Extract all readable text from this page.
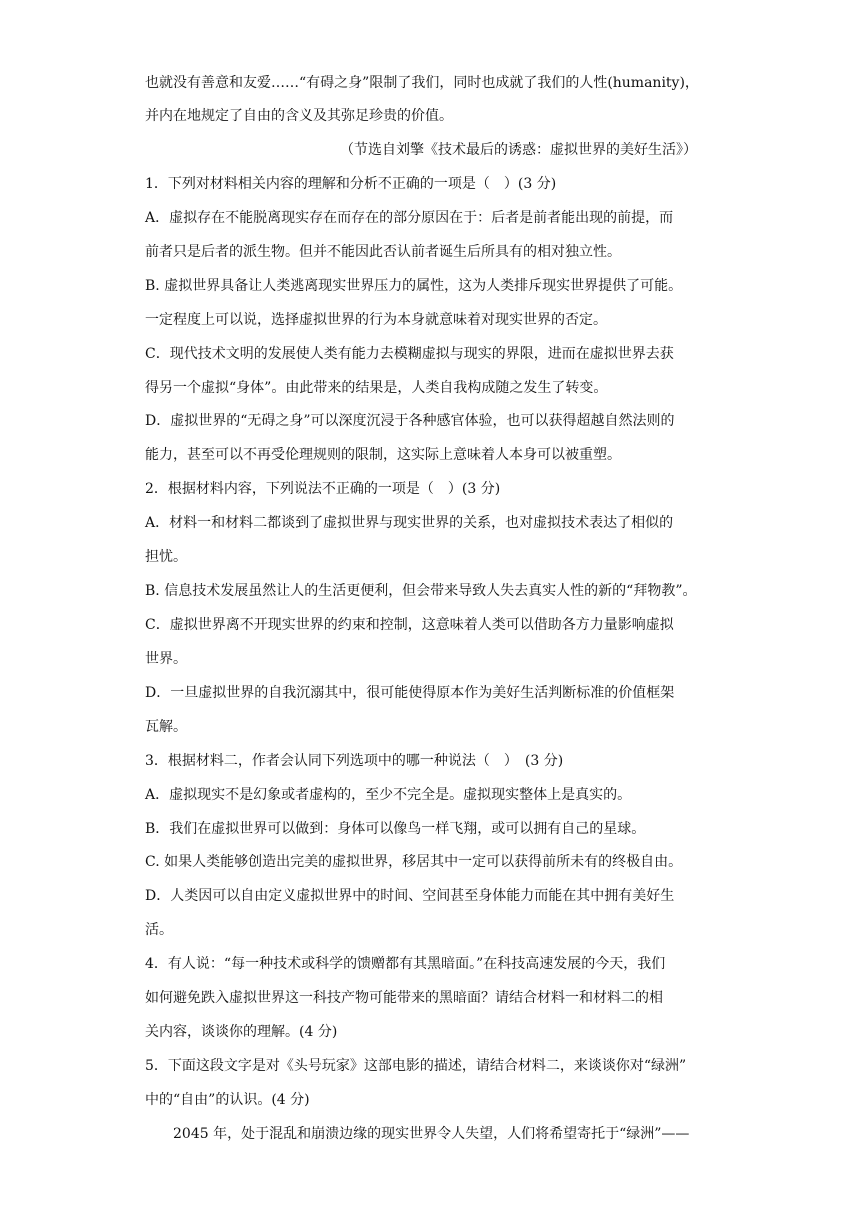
也就没有善意和友爱……“有碍之身”限制了我们，同时也成就了我们的人性(humanity)，
并内在地规定了自由的含义及其弥足珍贵的价值。
（节选自刘擎《技术最后的诱惑：虚拟世界的美好生活》）
1．下列对材料相关内容的理解和分析不正确的一项是（　）(3 分)
A．虚拟存在不能脱离现实存在而存在的部分原因在于：后者是前者能出现的前提，而
前者只是后者的派生物。但并不能因此否认前者诞生后所具有的相对独立性。
B. 虚拟世界具备让人类逃离现实世界压力的属性，这为人类排斥现实世界提供了可能。
一定程度上可以说，选择虚拟世界的行为本身就意味着对现实世界的否定。
C．现代技术文明的发展使人类有能力去模糊虚拟与现实的界限，进而在虚拟世界去获
得另一个虚拟“身体”。由此带来的结果是，人类自我构成随之发生了转变。
D．虚拟世界的“无碍之身”可以深度沉浸于各种感官体验，也可以获得超越自然法则的
能力，甚至可以不再受伦理规则的限制，这实际上意味着人本身可以被重塑。
2．根据材料内容，下列说法不正确的一项是（　）(3 分)
A．材料一和材料二都谈到了虚拟世界与现实世界的关系，也对虚拟技术表达了相似的
担忧。
B. 信息技术发展虽然让人的生活更便利，但会带来导致人失去真实人性的新的“拜物教”。
C．虚拟世界离不开现实世界的约束和控制，这意味着人类可以借助各方力量影响虚拟
世界。
D．一旦虚拟世界的自我沉溺其中，很可能使得原本作为美好生活判断标准的价值框架
瓦解。
3．根据材料二，作者会认同下列选项中的哪一种说法（　）　(3 分)
A．虚拟现实不是幻象或者虚构的，至少不完全是。虚拟现实整体上是真实的。
B．我们在虚拟世界可以做到：身体可以像鸟一样飞翔，或可以拥有自己的星球。
C. 如果人类能够创造出完美的虚拟世界，移居其中一定可以获得前所未有的终极自由。
D．人类因可以自由定义虚拟世界中的时间、空间甚至身体能力而能在其中拥有美好生
活。
4．有人说：“每一种技术或科学的馈赠都有其黑暗面。”在科技高速发展的今天，我们
如何避免跌入虚拟世界这一科技产物可能带来的黑暗面？请结合材料一和材料二的相
关内容，谈谈你的理解。(4 分)
5．下面这段文字是对《头号玩家》这部电影的描述，请结合材料二，来谈谈你对“绿洲”
中的“自由”的认识。(4 分)
2045 年，处于混乱和崩溃边缘的现实世界令人失望，人们将希望寄托于“绿洲”——
